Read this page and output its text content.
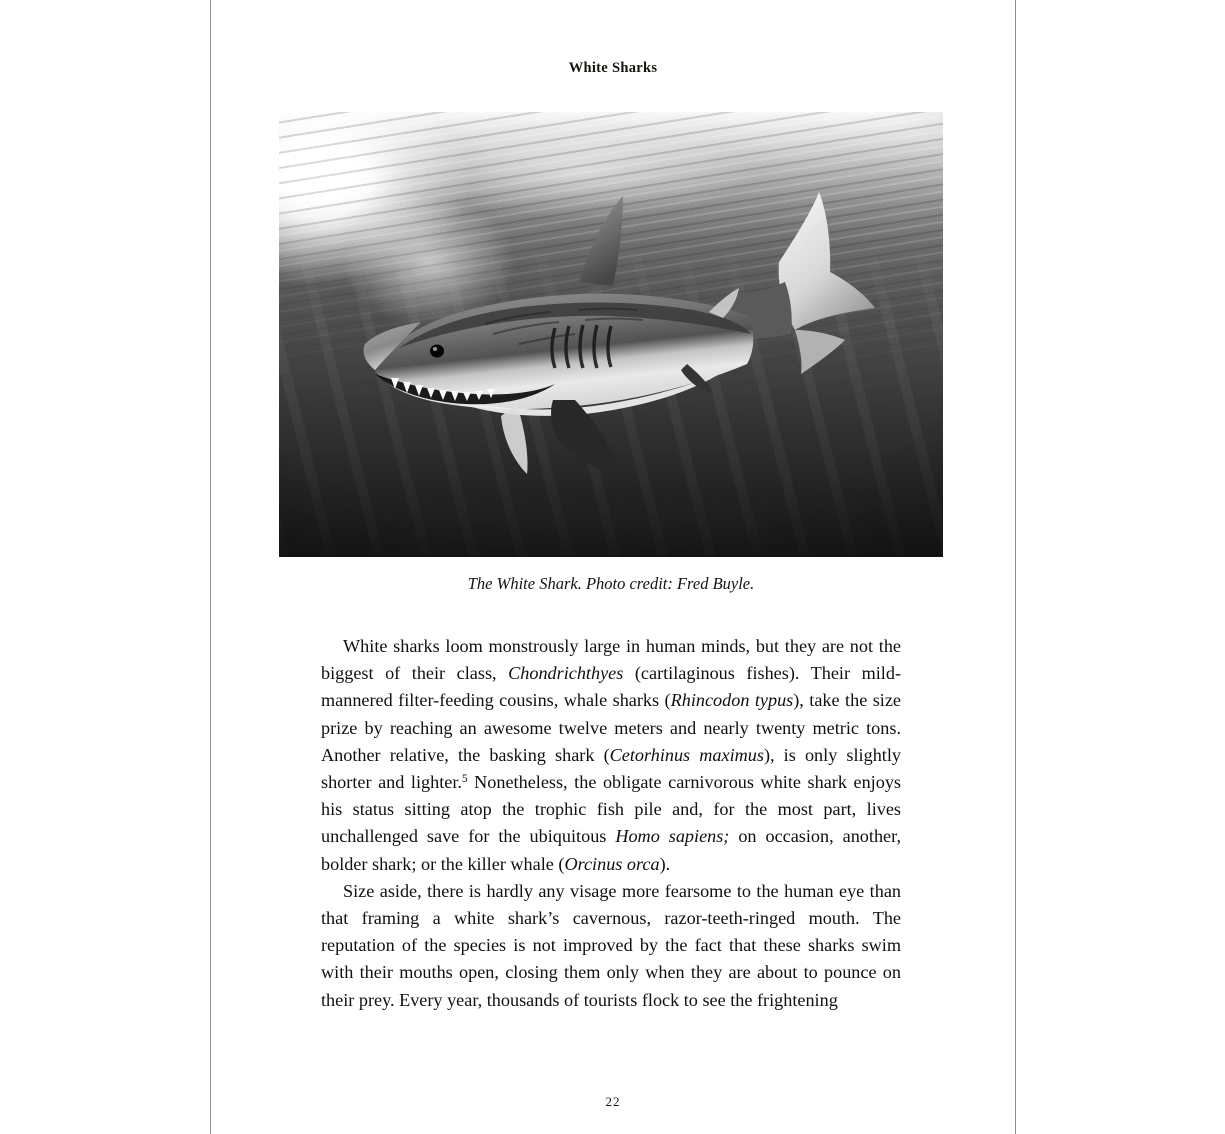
White Sharks
The White Shark. Photo credit: Fred Buyle.

White sharks loom monstrously large in human minds, but they are not the biggest of their class, Chondrichthyes (cartilaginous fishes). Their mild-mannered filter-feeding cousins, whale sharks (Rhincodon typus), take the size prize by reaching an awesome twelve meters and nearly twenty metric tons. Another relative, the basking shark (Cetorhinus maximus), is only slightly shorter and lighter.$^5$ Nonetheless, the obligate carnivorous white shark enjoys his status sitting atop the trophic fish pile and, for the most part, lives unchallenged save for the ubiquitous Homo sapiens; on occasion, another, bolder shark; or the killer whale (Orcinus orca).

Size aside, there is hardly any visage more fearsome to the human eye than that framing a white shark’s cavernous, razor-teeth-ringed mouth. The reputation of the species is not improved by the fact that these sharks swim with their mouths open, closing them only when they are about to pounce on their prey. Every year, thousands of tourists flock to see the frightening

22
